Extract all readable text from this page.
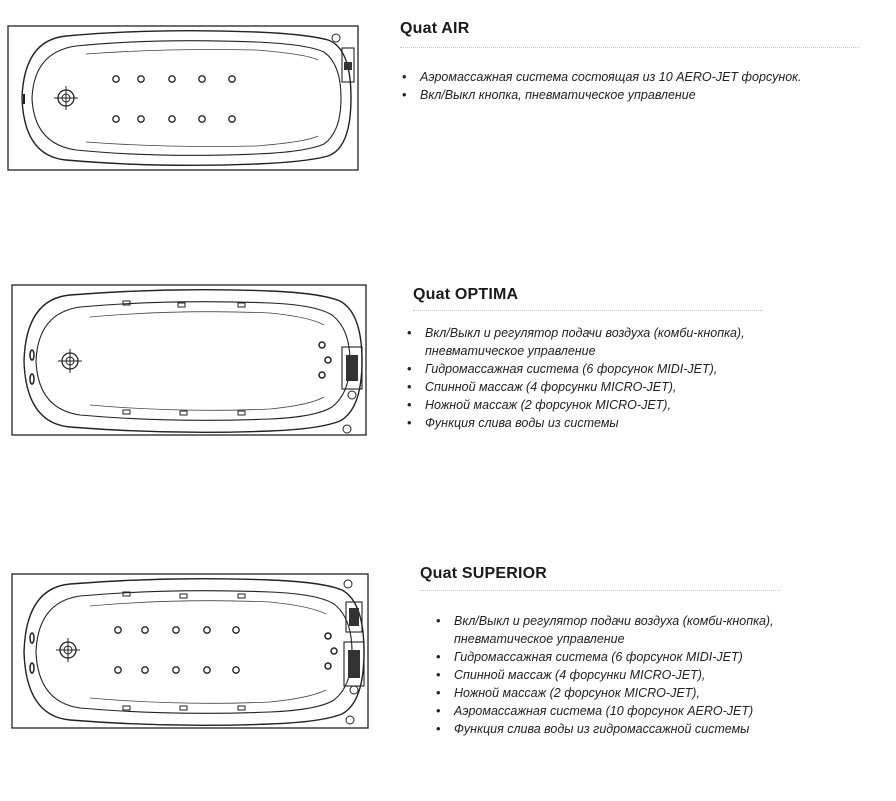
Quat AIR
• Аэромассажная система состоящая из 10 AERO-JET форсунок.
• Вкл/Выкл кнопка, пневматическое управление
Quat OPTIMA
• Вкл/Выкл и регулятор подачи воздуха (комби-кнопка),
пневматическое управление
• Гидромассажная система (6 форсунок MIDI-JET),
• Спинной массаж (4 форсунки MICRO-JET),
• Ножной массаж (2 форсунок MICRO-JET),
• Функция слива воды из системы
Quat SUPERIOR
• Вкл/Выкл и регулятор подачи воздуха (комби-кнопка),
пневматическое управление
• Гидромассажная система (6 форсунок MIDI-JET)
• Спинной массаж (4 форсунки MICRO-JET),
• Ножной массаж (2 форсунок MICRO-JET),
• Аэромассажная система (10 форсунок AERO-JET)
• Функция слива воды из гидромассажной системы
